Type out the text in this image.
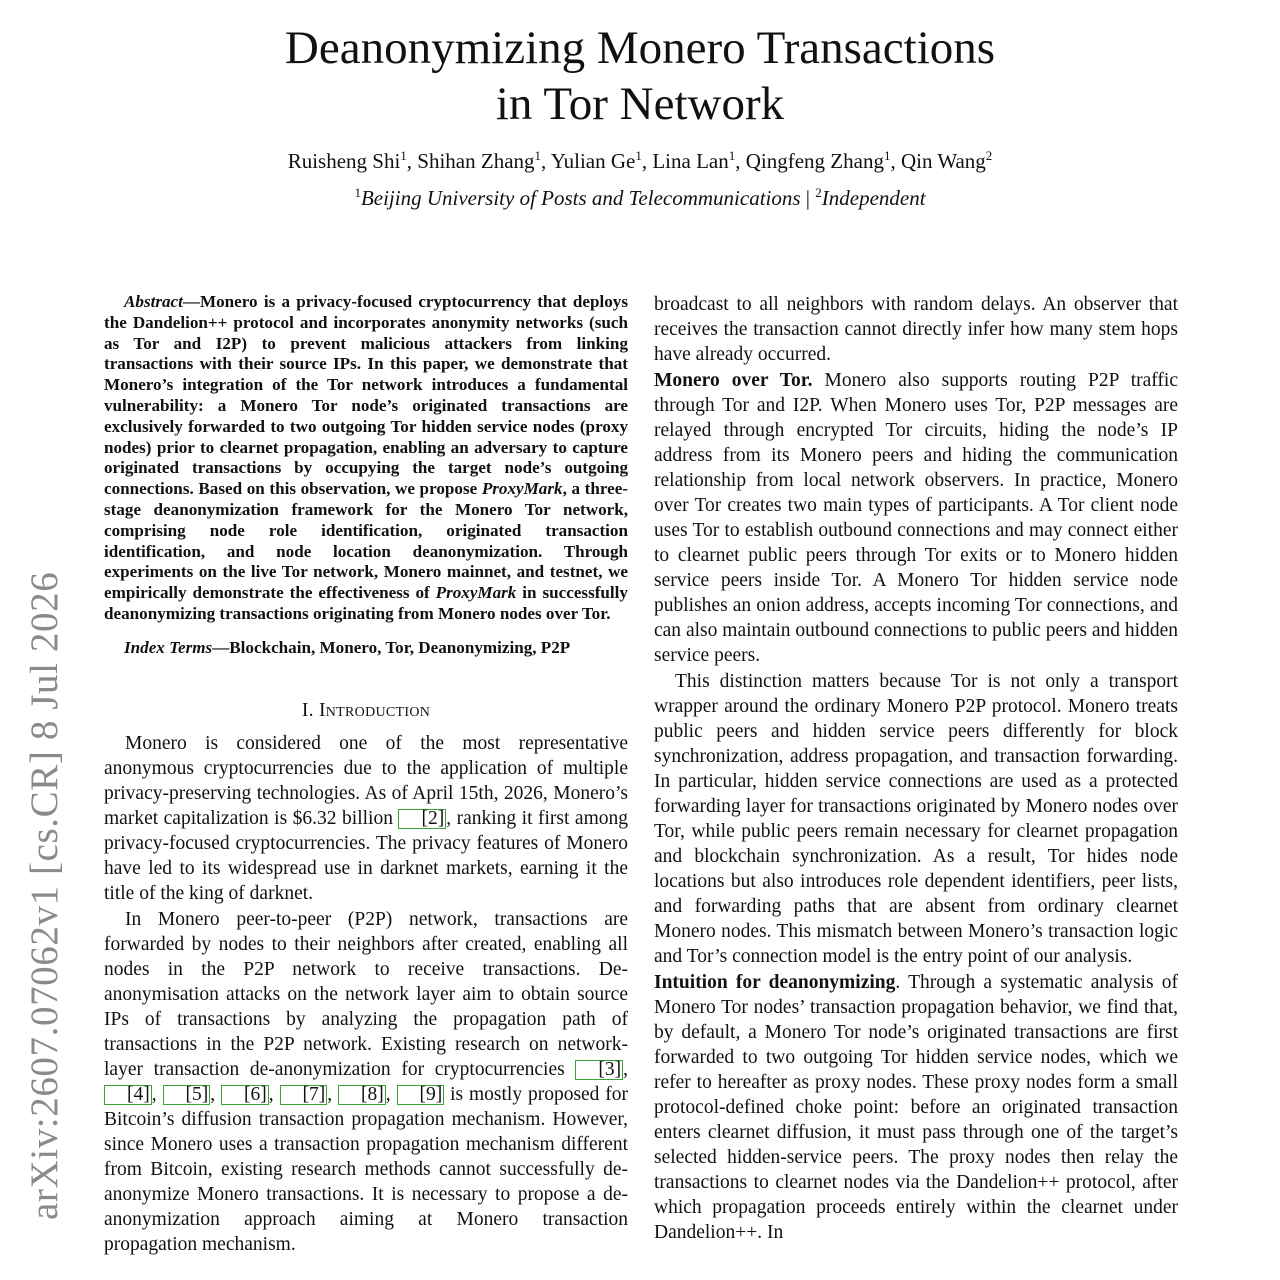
Deanonymizing Monero Transactions
in Tor Network
Ruisheng Shi$^1$, Shihan Zhang$^1$, Yulian Ge$^1$, Lina Lan$^1$, Qingfeng Zhang$^1$, Qin Wang$^2$
$^1$Beijing University of Posts and Telecommunications | $^2$Independent
arXiv:2607.07062v1 [cs.CR] 8 Jul 2026

Abstract—Monero is a privacy-focused cryptocurrency that deploys the Dandelion++ protocol and incorporates anonymity networks (such as Tor and I2P) to prevent malicious attackers from linking transactions with their source IPs. In this paper, we demonstrate that Monero’s integration of the Tor network introduces a fundamental vulnerability: a Monero Tor node’s originated transactions are exclusively forwarded to two outgoing Tor hidden service nodes (proxy nodes) prior to clearnet propagation, enabling an adversary to capture originated transactions by occupying the target node’s outgoing connections. Based on this observation, we propose ProxyMark, a three-stage deanonymization framework for the Monero Tor network, comprising node role identification, originated transaction identification, and node location deanonymization. Through experiments on the live Tor network, Monero mainnet, and testnet, we empirically demonstrate the effectiveness of ProxyMark in successfully deanonymizing transactions originating from Monero nodes over Tor.

Index Terms—Blockchain, Monero, Tor, Deanonymizing, P2P

I. Introduction

Monero is considered one of the most representative anonymous cryptocurrencies due to the application of multiple privacy-preserving technologies. As of April 15th, 2026, Monero’s market capitalization is $6.32 billion [2] , ranking it first among privacy-focused cryptocurrencies. The privacy features of Monero have led to its widespread use in darknet markets, earning it the title of the king of darknet.

In Monero peer-to-peer (P2P) network, transactions are forwarded by nodes to their neighbors after created, enabling all nodes in the P2P network to receive transactions. De-anonymisation attacks on the network layer aim to obtain source IPs of transactions by analyzing the propagation path of transactions in the P2P network. Existing research on network-layer transaction de-anonymization for cryptocurrencies [3] , [4] , [5] , [6] , [7] , [8] , [9] is mostly proposed for Bitcoin’s diffusion transaction propagation mechanism. However, since Monero uses a transaction propagation mechanism different from Bitcoin, existing research methods cannot successfully de-anonymize Monero transactions. It is necessary to propose a de-anonymization approach aiming at Monero transaction propagation mechanism.

broadcast to all neighbors with random delays. An observer that receives the transaction cannot directly infer how many stem hops have already occurred.

Monero over Tor. Monero also supports routing P2P traffic through Tor and I2P. When Monero uses Tor, P2P messages are relayed through encrypted Tor circuits, hiding the node’s IP address from its Monero peers and hiding the communication relationship from local network observers. In practice, Monero over Tor creates two main types of participants. A Tor client node uses Tor to establish outbound connections and may connect either to clearnet public peers through Tor exits or to Monero hidden service peers inside Tor. A Monero Tor hidden service node publishes an onion address, accepts incoming Tor connections, and can also maintain outbound connections to public peers and hidden service peers.

This distinction matters because Tor is not only a transport wrapper around the ordinary Monero P2P protocol. Monero treats public peers and hidden service peers differently for block synchronization, address propagation, and transaction forwarding. In particular, hidden service connections are used as a protected forwarding layer for transactions originated by Monero nodes over Tor, while public peers remain necessary for clearnet propagation and blockchain synchronization. As a result, Tor hides node locations but also introduces role dependent identifiers, peer lists, and forwarding paths that are absent from ordinary clearnet Monero nodes. This mismatch between Monero’s transaction logic and Tor’s connection model is the entry point of our analysis.

Intuition for deanonymizing. Through a systematic analysis of Monero Tor nodes’ transaction propagation behavior, we find that, by default, a Monero Tor node’s originated transactions are first forwarded to two outgoing Tor hidden service nodes, which we refer to hereafter as proxy nodes. These proxy nodes form a small protocol-defined choke point: before an originated transaction enters clearnet diffusion, it must pass through one of the target’s selected hidden-service peers. The proxy nodes then relay the transactions to clearnet nodes via the Dandelion++ protocol, after which propagation proceeds entirely within the clearnet under Dandelion++. In
